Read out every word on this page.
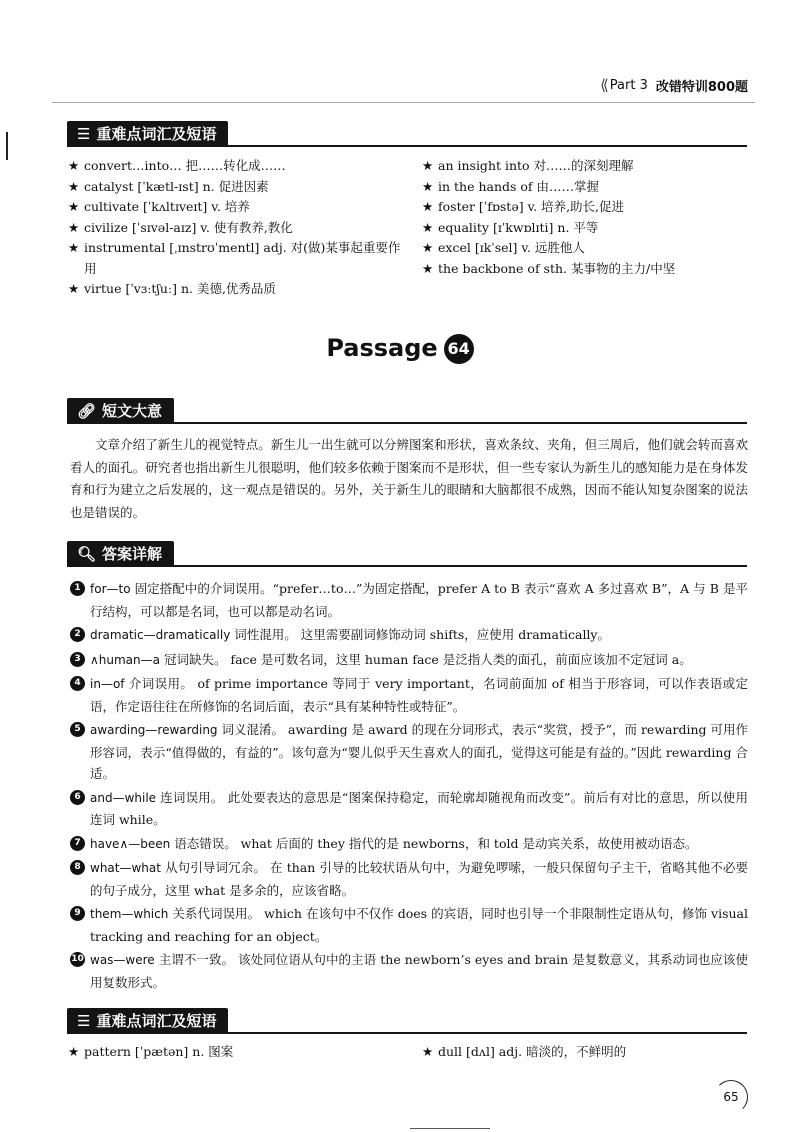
⟨⟨ Part 3 改错特训800题
☰ 重难点词汇及短语
★ convert…into… 把……转化成……
★ catalyst [ˈkætl-ɪst] n. 促进因素
★ cultivate [ˈkʌltɪveɪt] v. 培养
★ civilize [ˈsɪvəl-aɪz] v. 使有教养,教化
★ instrumental [ˌɪnstrʊˈmentl] adj. 对(做)某事起重要作用
★ virtue [ˈvɜːtʃuː] n. 美德,优秀品质
★ an insight into 对……的深刻理解
★ in the hands of 由……掌握
★ foster [ˈfɒstə] v. 培养,助长,促进
★ equality [ɪˈkwɒlɪti] n. 平等
★ excel [ɪkˈsel] v. 远胜他人
★ the backbone of sth. 某事物的主力/中坚
Passage 64
🔗︎ 短文大意
文章介绍了新生儿的视觉特点。新生儿一出生就可以分辨图案和形状，喜欢条纹、夹角，但三周后，他们就会转而喜欢看人的面孔。研究者也指出新生儿很聪明，他们较多依赖于图案而不是形状，但一些专家认为新生儿的感知能力是在身体发育和行为建立之后发展的，这一观点是错误的。另外，关于新生儿的眼睛和大脑都很不成熟，因而不能认知复杂图案的说法也是错误的。
🔍︎ 答案详解
1 for—to 固定搭配中的介词误用。“prefer…to…”为固定搭配，prefer A to B 表示“喜欢 A 多过喜欢 B”，A 与 B 是平行结构，可以都是名词，也可以都是动名词。
2 dramatic—dramatically 词性混用。 这里需要副词修饰动词 shifts，应使用 dramatically。
3 ∧human—a 冠词缺失。 face 是可数名词，这里 human face 是泛指人类的面孔，前面应该加不定冠词 a。
4 in—of 介词误用。 of prime importance 等同于 very important，名词前面加 of 相当于形容词，可以作表语或定语，作定语往往在所修饰的名词后面，表示“具有某种特性或特征”。
5 awarding—rewarding 词义混淆。 awarding 是 award 的现在分词形式，表示“奖赏，授予”，而 rewarding 可用作形容词，表示“值得做的，有益的”。该句意为“婴儿似乎天生喜欢人的面孔，觉得这可能是有益的。”因此 rewarding 合适。
6 and—while 连词误用。 此处要表达的意思是“图案保持稳定，而轮廓却随视角而改变”。前后有对比的意思，所以使用连词 while。
7 have∧—been 语态错误。 what 后面的 they 指代的是 newborns，和 told 是动宾关系，故使用被动语态。
8 what—what 从句引导词冗余。 在 than 引导的比较状语从句中，为避免啰嗦，一般只保留句子主干，省略其他不必要的句子成分，这里 what 是多余的，应该省略。
9 them—which 关系代词误用。 which 在该句中不仅作 does 的宾语，同时也引导一个非限制性定语从句，修饰 visual tracking and reaching for an object。
10 was—were 主谓不一致。 该处同位语从句中的主语 the newborn’s eyes and brain 是复数意义，其系动词也应该使用复数形式。
☰ 重难点词汇及短语
★ pattern [ˈpætən] n. 图案	★ dull [dʌl] adj. 暗淡的，不鲜明的
65
